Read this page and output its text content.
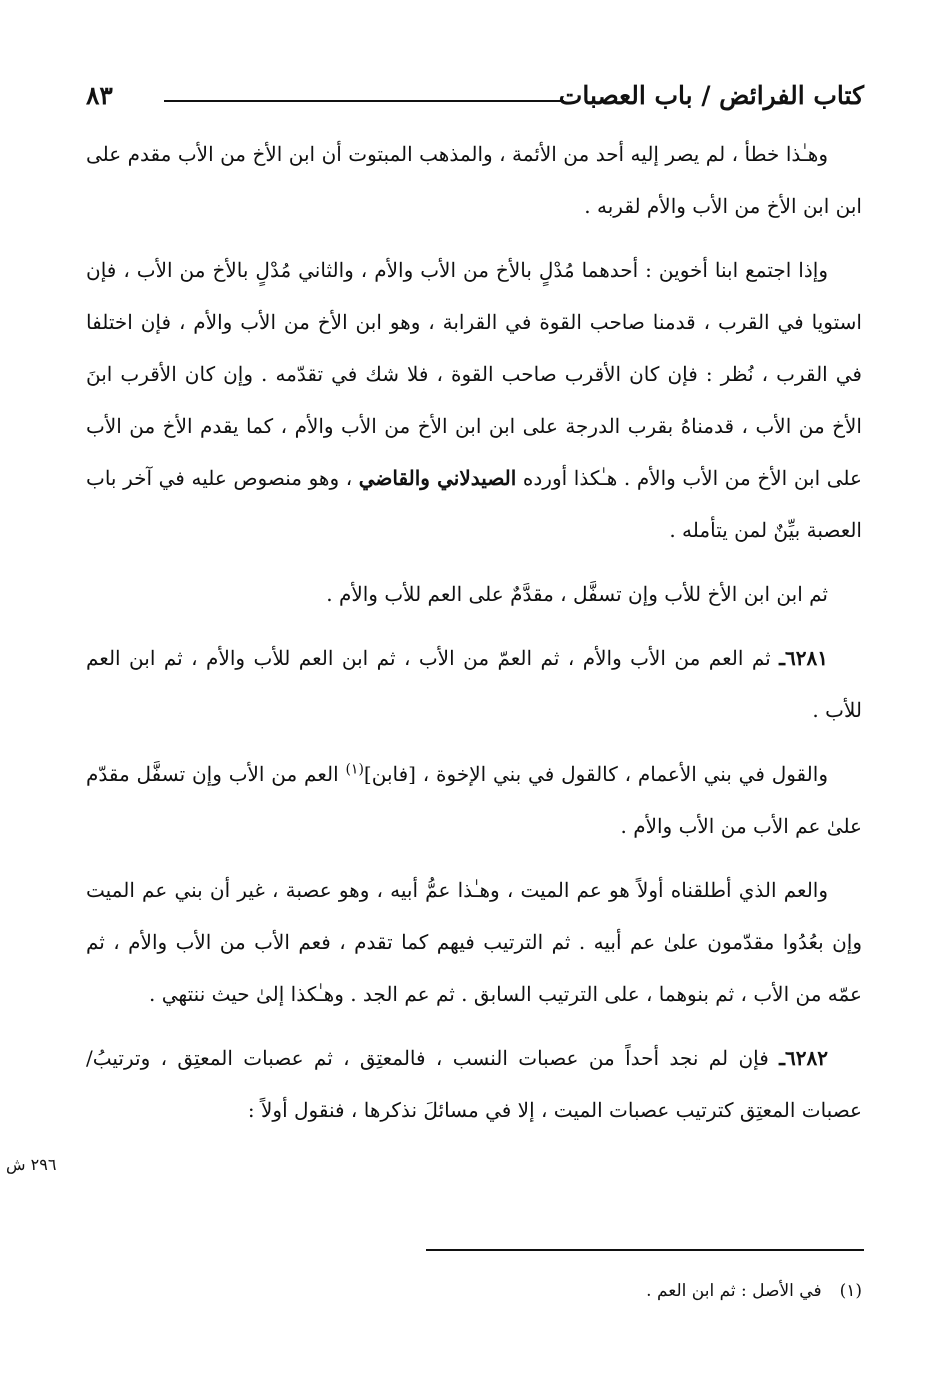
كتاب الفرائض / باب العصبات
٨٣

وهـٰذا خطأ ، لم يصر إليه أحد من الأئمة ، والمذهب المبتوت أن ابن الأخ من الأب مقدم على ابن ابن الأخ من الأب والأم لقربه .

وإذا اجتمع ابنا أخوين : أحدهما مُدْلٍ بالأخ من الأب والأم ، والثاني مُدْلٍ بالأخ من الأب ، فإن استويا في القرب ، قدمنا صاحب القوة في القرابة ، وهو ابن الأخ من الأب والأم ، فإن اختلفا في القرب ، نُظر : فإن كان الأقرب صاحب القوة ، فلا شك في تقدّمه . وإن كان الأقرب ابنَ الأخ من الأب ، قدمناهُ بقرب الدرجة على ابن ابن الأخ من الأب والأم ، كما يقدم الأخ من الأب على ابن الأخ من الأب والأم . هـٰكذا أورده الصيدلاني والقاضي ، وهو منصوص عليه في آخر باب العصبة بيِّنٌ لمن يتأمله .

ثم ابن ابن الأخ للأب وإن تسفَّل ، مقدَّمٌ على العم للأب والأم .

٦٢٨١ـ ثم العم من الأب والأم ، ثم العمّ من الأب ، ثم ابن العم للأب والأم ، ثم ابن العم للأب .

والقول في بني الأعمام ، كالقول في بني الإخوة ، [فابن]$^{(١)}$ العم من الأب وإن تسفَّل مقدّم علىٰ عم الأب من الأب والأم .

والعم الذي أطلقناه أولاً هو عم الميت ، وهـٰذا عمُّ أبيه ، وهو عصبة ، غير أن بني عم الميت وإن بعُدُوا مقدّمون علىٰ عم أبيه . ثم الترتيب فيهم كما تقدم ، فعم الأب من الأب والأم ، ثم عمّه من الأب ، ثم بنوهما ، على الترتيب السابق . ثم عم الجد . وهـٰكذا إلىٰ حيث ننتهي .

٦٢٨٢ـ فإن لم نجد أحداً من عصبات النسب ، فالمعتِق ، ثم عصبات المعتِق ، وترتيبُ/ عصبات المعتِق كترتيب عصبات الميت ، إلا في مسائلَ نذكرها ، فنقول أولاً :

٢٩٦ ش
(١)في الأصل : ثم ابن العم .
